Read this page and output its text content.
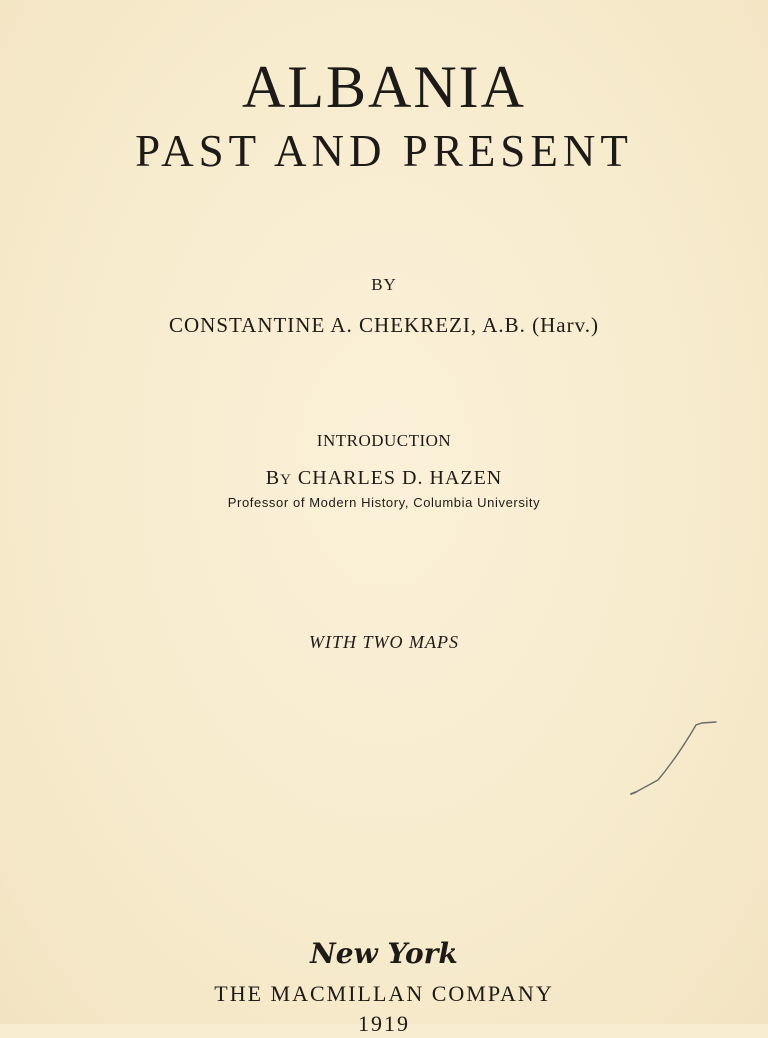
ALBANIA
PAST AND PRESENT
BY
CONSTANTINE A. CHEKREZI, A.B. (Harv.)
INTRODUCTION
BY CHARLES D. HAZEN
Professor of Modern History, Columbia University
WITH TWO MAPS
New York
THE MACMILLAN COMPANY
1919
